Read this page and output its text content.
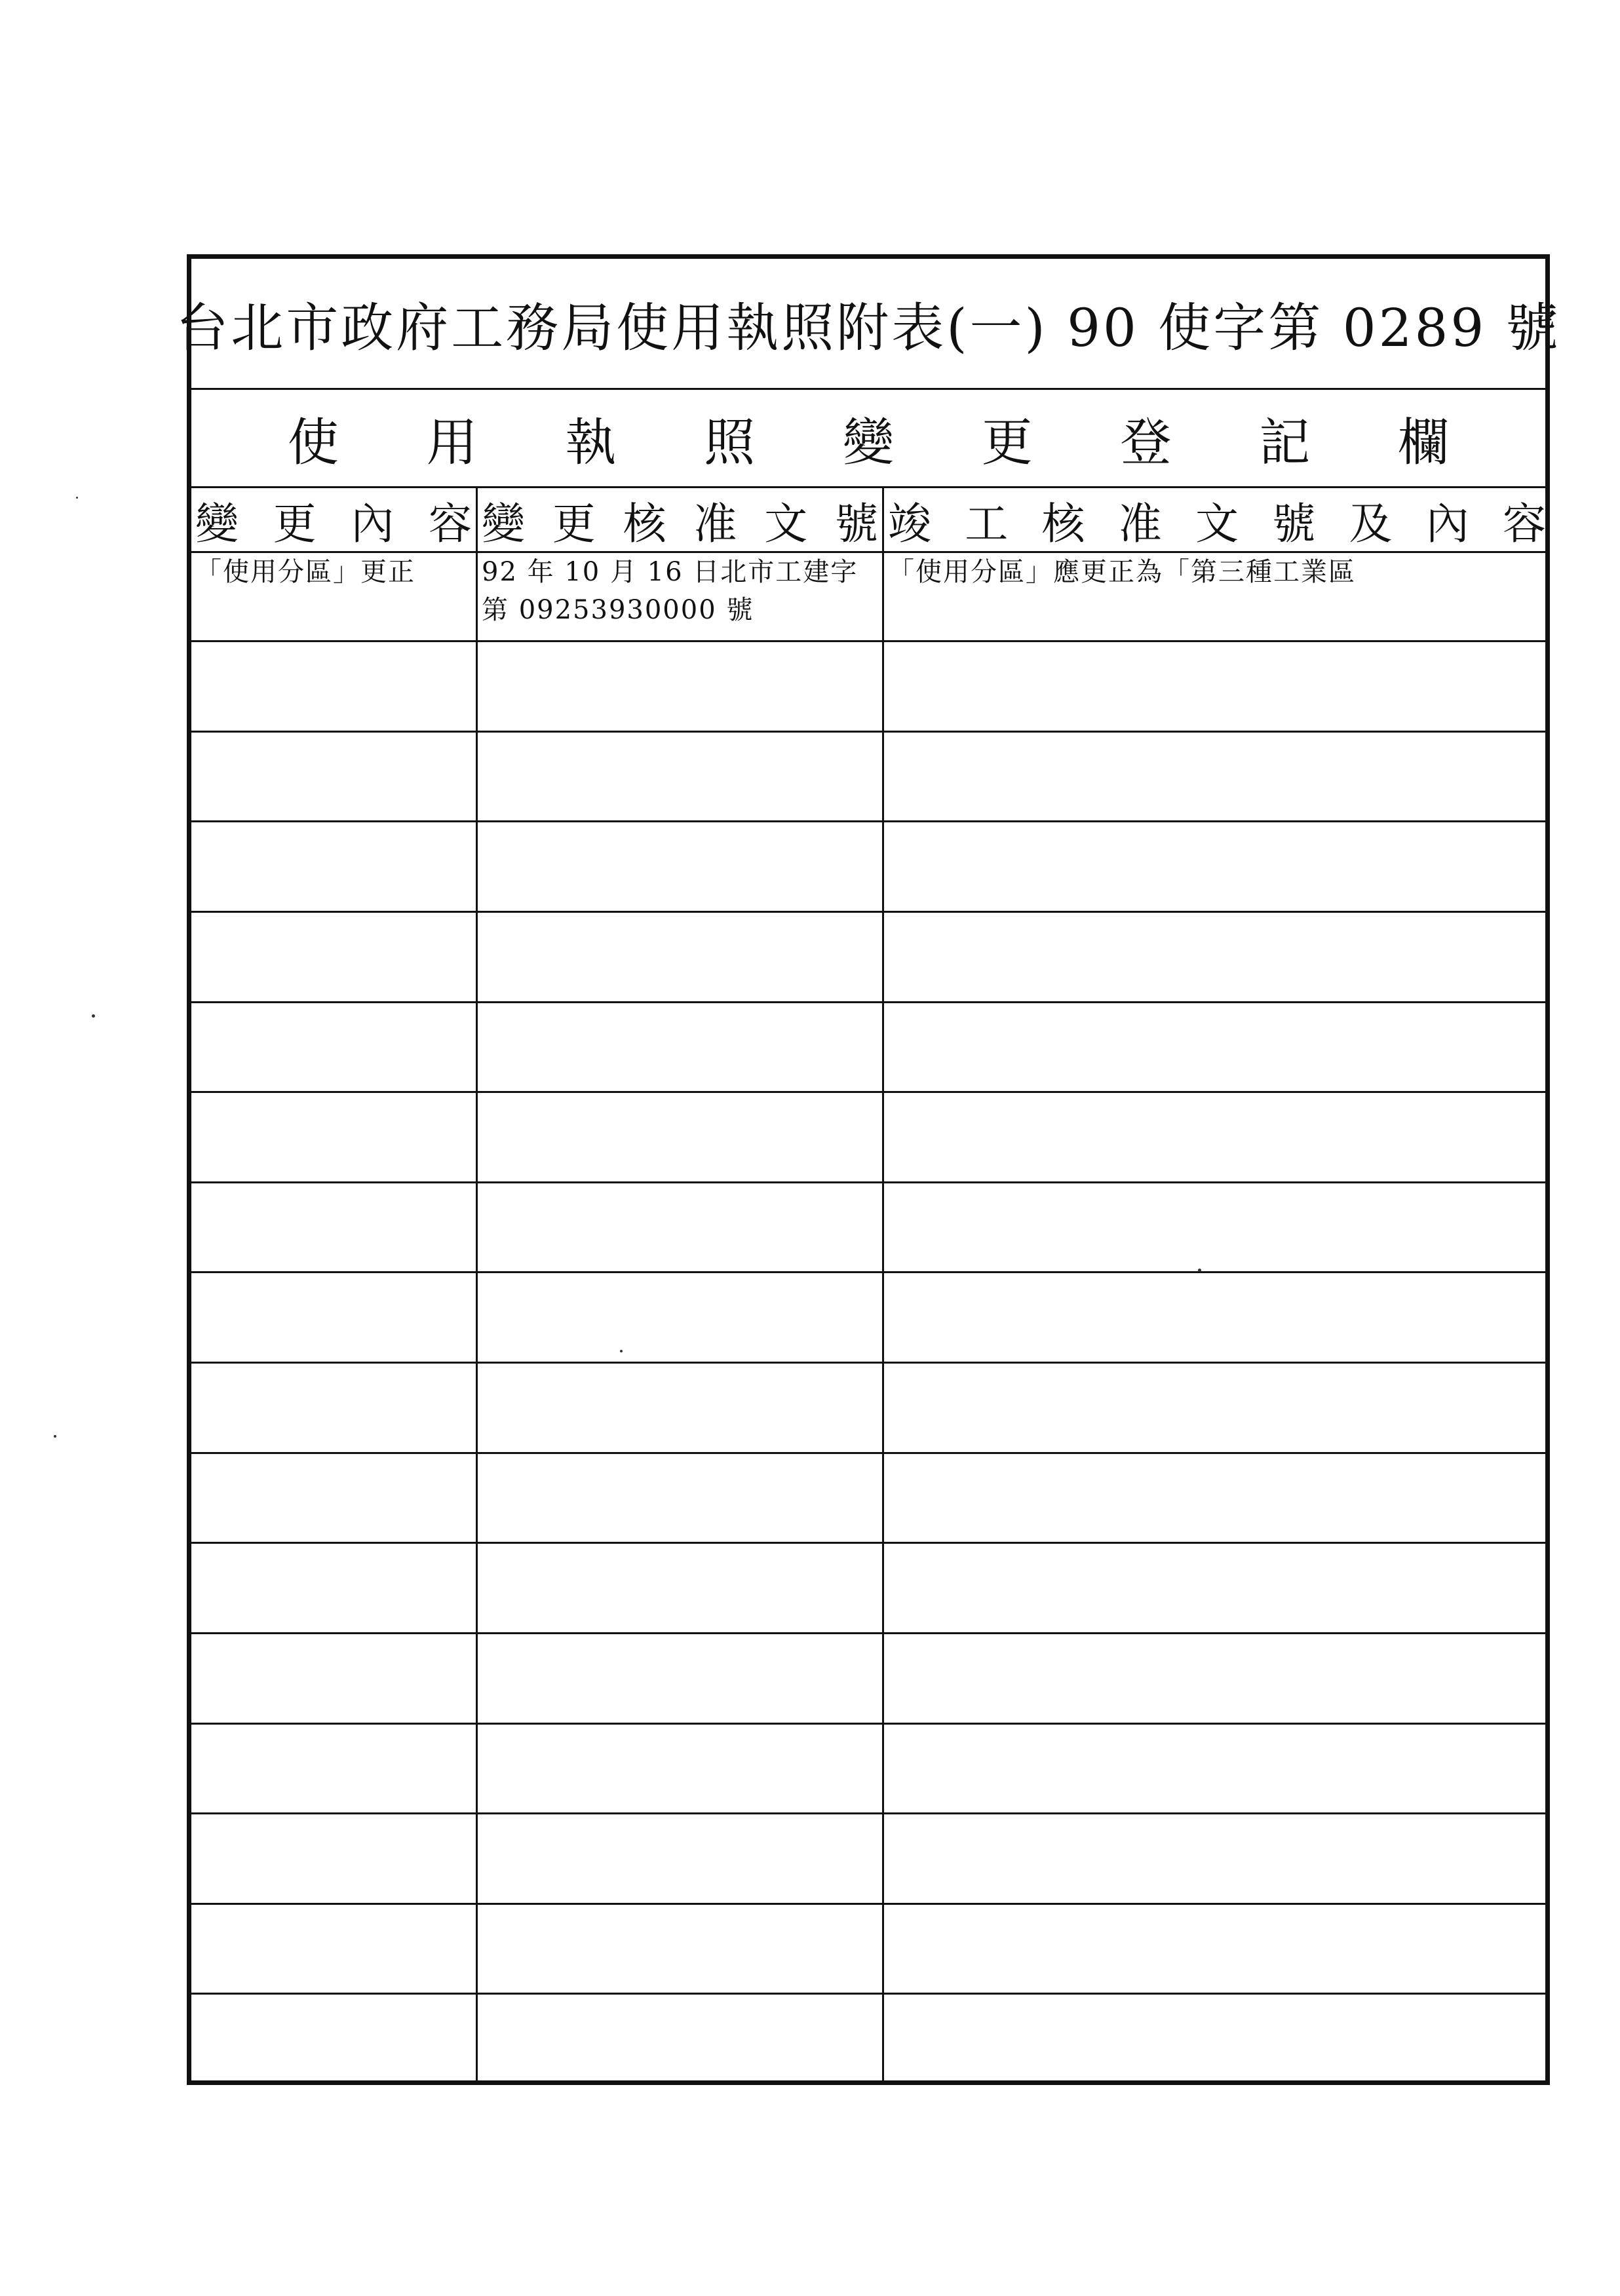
台北市政府工務局使用執照附表(一) 90 使字第 0289 號
使 用 執 照 變 更 登 記 欄
變 更 內 容 變 更 核 准 文 號 竣 工 核 准 文 號 及 內 容
「使用分區」更正	92 年 10 月 16 日北市工建字第 09253930000 號
「使用分區」應更正為「第三種工業區
